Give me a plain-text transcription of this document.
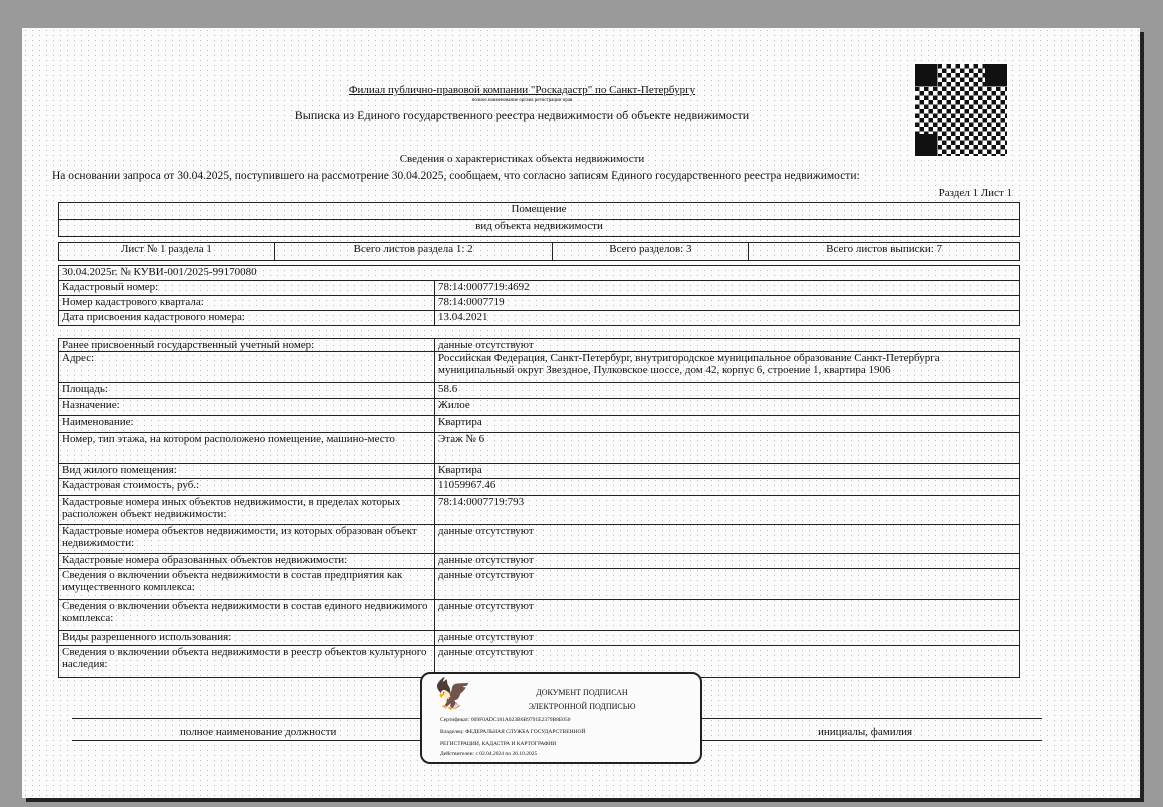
Филиал публично-правовой компании "Роскадастр" по Санкт-Петербургу
полное наименование органа регистрации прав
Выписка из Единого государственного реестра недвижимости об объекте недвижимости
Сведения о характеристиках объекта недвижимости
На основании запроса от 30.04.2025, поступившего на рассмотрение 30.04.2025, сообщаем, что согласно записям Единого государственного реестра недвижимости:
Раздел 1 Лист 1
Помещение
вид объекта недвижимости
Лист № 1 раздела 1	Всего листов раздела 1: 2	Всего разделов: 3	Всего листов выписки: 7
30.04.2025г. № КУВИ-001/2025-99170080	
Кадастровый номер:	78:14:0007719:4692
Номер кадастрового квартала:	78:14:0007719
Дата присвоения кадастрового номера:	13.04.2021
Ранее присвоенный государственный учетный номер:	данные отсутствуют
Адрес:	Российская Федерация, Санкт-Петербург, внутригородское муниципальное образование Санкт-Петербурга муниципальный округ Звездное, Пулковское шоссе, дом 42, корпус 6, строение 1, квартира 1906
Площадь:	58.6
Назначение:	Жилое
Наименование:	Квартира
Номер, тип этажа, на котором расположено помещение, машино-место	Этаж № 6
Вид жилого помещения:	Квартира
Кадастровая стоимость, руб.:	11059967.46
Кадастровые номера иных объектов недвижимости, в пределах которых расположен объект недвижимости:	78:14:0007719:793
Кадастровые номера объектов недвижимости, из которых образован объект недвижимости:	данные отсутствуют
Кадастровые номера образованных объектов недвижимости:	данные отсутствуют
Сведения о включении объекта недвижимости в состав предприятия как имущественного комплекса:	данные отсутствуют
Сведения о включении объекта недвижимости в состав единого недвижимого комплекса:	данные отсутствуют
Виды разрешенного использования:	данные отсутствуют
Сведения о включении объекта недвижимости в реестр объектов культурного наследия:	данные отсутствуют
полное наименование должности	инициалы, фамилия
🦅	ДОКУМЕНТ ПОДПИСАН
ЭЛЕКТРОННОЙ ПОДПИСЬЮ
Сертификат: 009F0ADC181A023B6B9791E2379B8E050
Владелец: ФЕДЕРАЛЬНАЯ СЛУЖБА ГОСУДАРСТВЕННОЙ
РЕГИСТРАЦИИ, КАДАСТРА И КАРТОГРАФИИ
Действителен: с 02.04.2024 по 26.10.2025
